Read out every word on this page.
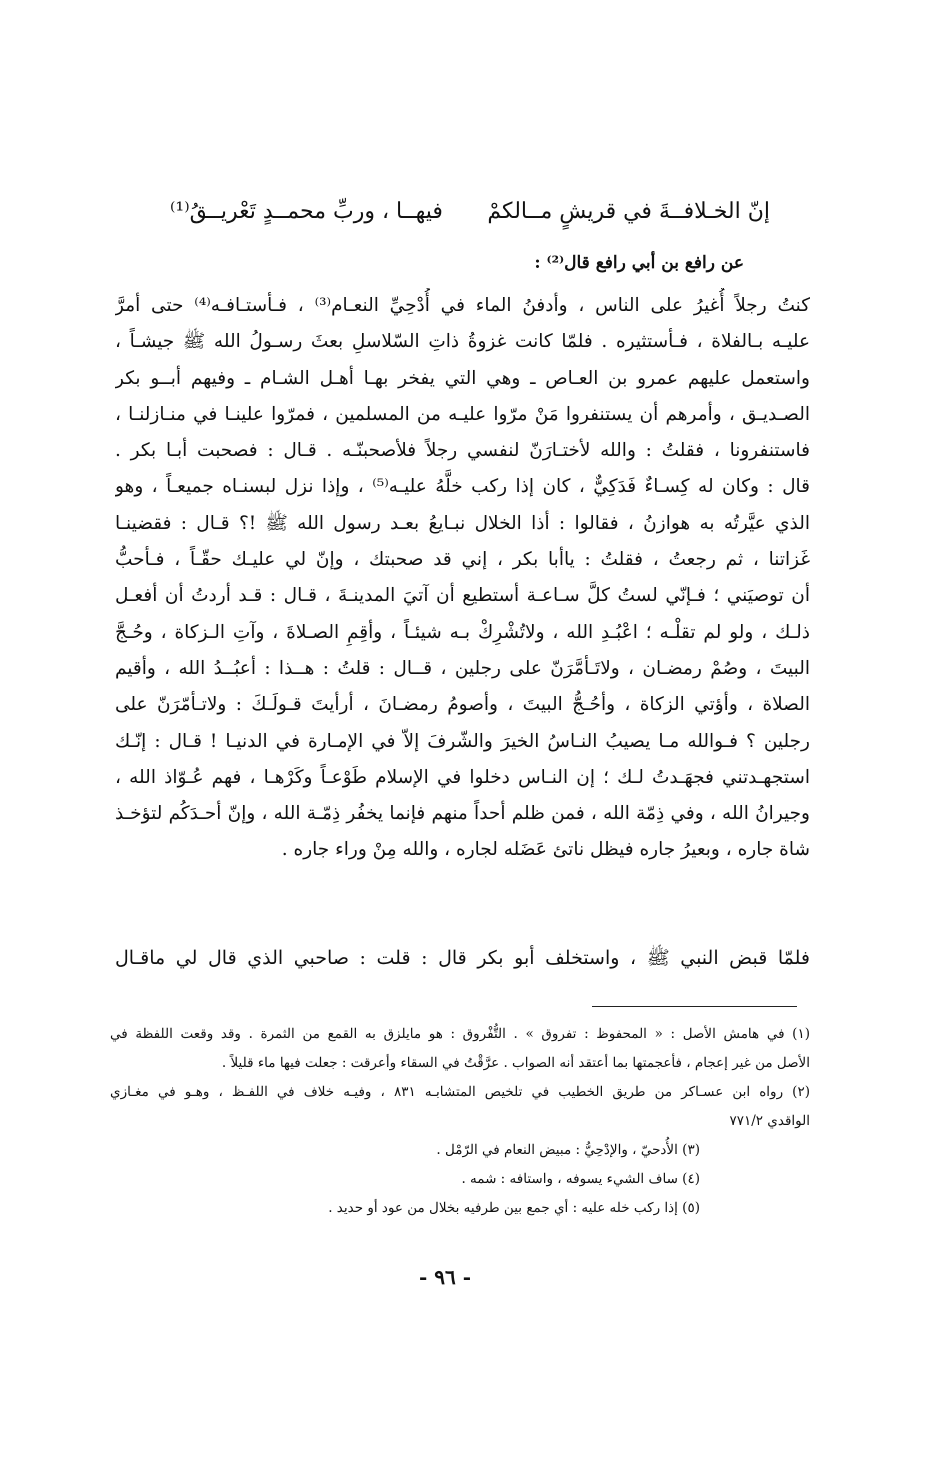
إنّ الخـلافــةَ في قريشٍ مــالكمْ
فيهــا ، وربِّ محمــدٍ تَعْريــقُ⁽¹⁾
عن رافع بن أبي رافع قال⁽²⁾ :
كنتُ رجلاً أُغيرُ على الناس ، وأدفنُ الماء في أُدْحِيِّ النعـام⁽³⁾ ، فـأستـافـه⁽⁴⁾ حتى أمرَّ
عليـه بـالفلاة ، فـأستثيره . فلمّا كانت غزوةُ ذاتِ السّلاسلِ بعثَ رسـولُ الله ﷺ جيشـاً ،
واستعمل عليهم عمرو بن العـاص ـ وهي التي يفخر بهـا أهـل الشـام ـ وفيهم أبــو بكر
الصـديـق ، وأمرهم أن يستنفروا مَنْ مرّوا عليـه من المسلمين ، فمرّوا علينـا في منـازلنـا ،
فاستنفرونا ، فقلتُ : والله لأختـارَنّ لنفسي رجلاً فلأصحبنّـه . قـال : فصحبت أبـا بكر .
قال : وكان له كِسـاءٌ فَدَكِيٌّ ، كان إذا ركب خلَّهُ عليـه⁽⁵⁾ ، وإذا نزل لبسنـاه جميعـاً ، وهو
الذي عيَّرتُه به هوازنُ ، فقالوا : أذا الخلال نبـايعُ بعـد رسول الله ﷺ !؟ قـال : فقضينـا
غَزاتنا ، ثم رجعتُ ، فقلتُ : ياأبا بكر ، إني قد صحبتك ، وإنّ لي عليـك حقّـاً ، فـأحبُّ
أن توصيَني ؛ فـإنّي لستُ كلَّ سـاعـة أستطيع أن آتيَ المدينـةَ ، قـال : قـد أردتُ أن أفعـل
ذلـك ، ولو لم تقلْـه ؛ اعْبُـدِ الله ، ولاتُشْرِكْ بـه شيئـاً ، وأقِمِ الصـلاةَ ، وآتِ الـزكاة ، وحُـجَّ
البيتَ ، وصُمْ رمضـان ، ولاتَـأمَّرَنّ على رجلين ، قــال : قلتُ : هــذا : أعبُــدُ الله ، وأقيم
الصلاة ، وأؤتي الزكاة ، وأحُـجُّ البيتَ ، وأصومُ رمضـانَ ، أرأيتَ قـولَـكَ : ولاتـأمّرَنّ على
رجلين ؟ فـوالله مـا يصيبُ النـاسُ الخيرَ والشّرفَ إلاّ في الإمـارة في الدنيـا ! قـال : إنّـك
استجهـدتني فجهَـدتُ لـك ؛ إن النـاس دخلوا في الإسلام طَوْعـاً وكَرْهـا ، فهم عُـوّاذ الله ،
وجيرانُ الله ، وفي ذِمّة الله ، فمن ظلم أحداً منهم فإنما يخفُر ذِمّـة الله ، وإنّ أحـدَكُم لتؤخـذ
شاة جاره ، وبعيرُ جاره فيظل ناتئ عَضَله لجاره ، والله مِنْ وراء جاره .
فلمّا قبض النبي ﷺ ، واستخلف أبو بكر قال : قلت : صاحبي الذي قال لي ماقـال
(١) في هامش الأصل : « المحفوظ : تفروق » . التُّفْروق : هو مايلزق به القمع من الثمرة . وقد وقعت اللفظة في
الأصل من غير إعجام ، فأعجمتها بما أعتقد أنه الصواب . عرَّقْتُ في السقاء وأعرقت : جعلت فيها ماء قليلاً .
(٢) رواه ابن عسـاكر من طريق الخطيب في تلخيص المتشابـه ٨٣١ ، وفيـه خلاف في اللفـظ ، وهـو في مغـازي
الواقدي ٧٧١/٢
(٣) الأُدحيّ ، والإدْحِيُّ : مبيض النعام في الرّمْل .
(٤) ساف الشيء يسوفه ، واستافه : شمه .
(٥) إذا ركب خله عليه : أي جمع بين طرفيه بخلال من عود أو حديد .
- ٩٦ -
